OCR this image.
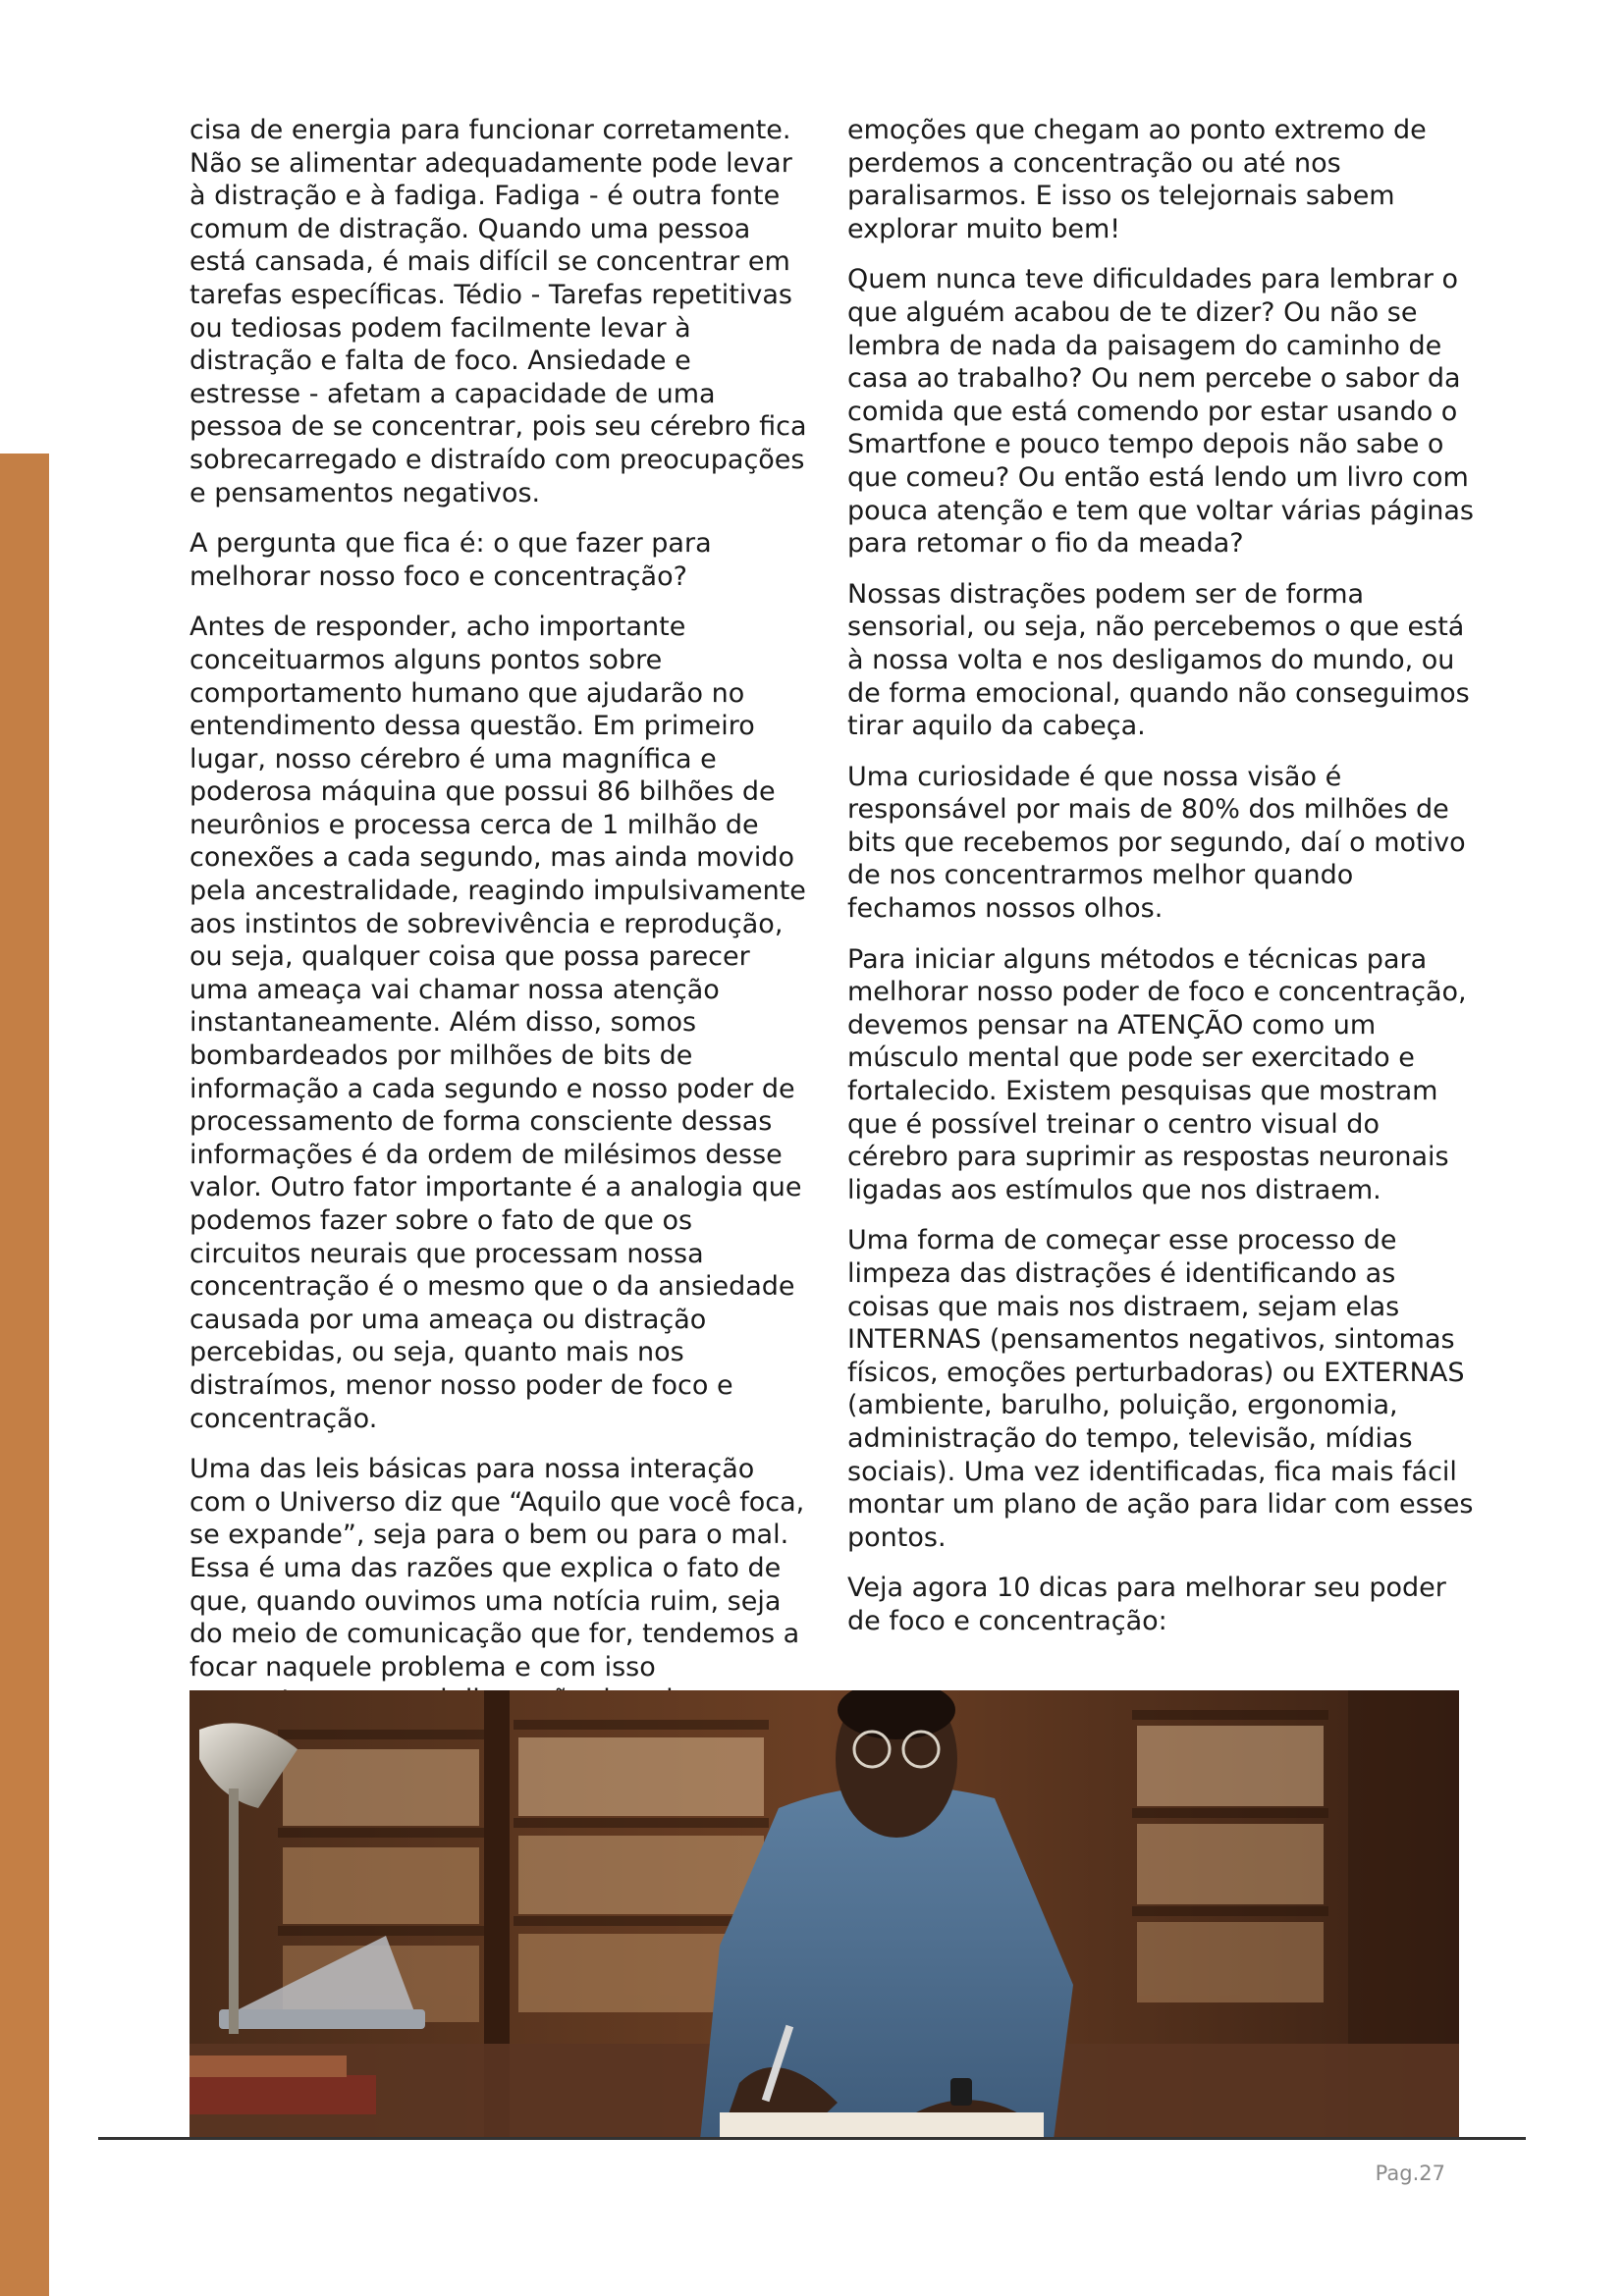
cisa de energia para funcionar corretamente. Não se alimentar adequadamente pode levar à distração e à fadiga. Fadiga - é outra fonte comum de distração. Quando uma pessoa está cansada, é mais difícil se concentrar em tarefas específicas. Tédio - Tarefas repetitivas ou tediosas podem facilmente levar à distração e falta de foco. Ansiedade e estresse - afetam a capacidade de uma pessoa de se concentrar, pois seu cérebro fica sobrecarregado e distraído com preocupações e pensamentos negativos.

A pergunta que fica é: o que fazer para melhorar nosso foco e concentração?

Antes de responder, acho importante conceituarmos alguns pontos sobre comportamento humano que ajudarão no entendimento dessa questão. Em primeiro lugar, nosso cérebro é uma magnífica e poderosa máquina que possui 86 bilhões de neurônios e processa cerca de 1 milhão de conexões a cada segundo, mas ainda movido pela ancestralidade, reagindo impulsivamente aos instintos de sobrevivência e reprodução, ou seja, qualquer coisa que possa parecer uma ameaça vai chamar nossa atenção instantaneamente. Além disso, somos bombardeados por milhões de bits de informação a cada segundo e nosso poder de processamento de forma consciente dessas informações é da ordem de milésimos desse valor. Outro fator importante é a analogia que podemos fazer sobre o fato de que os circuitos neurais que processam nossa concentração é o mesmo que o da ansiedade causada por uma ameaça ou distração percebidas, ou seja, quanto mais nos distraímos, menor nosso poder de foco e concentração.

Uma das leis básicas para nossa interação com o Universo diz que “Aquilo que você foca, se expande”, seja para o bem ou para o mal. Essa é uma das razões que explica o fato de que, quando ouvimos uma notícia ruim, seja do meio de comunicação que for, tendemos a focar naquele problema e com isso

emoções que chegam ao ponto extremo de perdemos a concentração ou até nos paralisarmos. E isso os telejornais sabem explorar muito bem!

Quem nunca teve dificuldades para lembrar o que alguém acabou de te dizer? Ou não se lembra de nada da paisagem do caminho de casa ao trabalho? Ou nem percebe o sabor da comida que está comendo por estar usando o Smartfone e pouco tempo depois não sabe o que comeu? Ou então está lendo um livro com pouca atenção e tem que voltar várias páginas para retomar o fio da meada?

Nossas distrações podem ser de forma sensorial, ou seja, não percebemos o que está à nossa volta e nos desligamos do mundo, ou de forma emocional, quando não conseguimos tirar aquilo da cabeça.

Uma curiosidade é que nossa visão é responsável por mais de 80% dos milhões de bits que recebemos por segundo, daí o motivo de nos concentrarmos melhor quando fechamos nossos olhos.

Para iniciar alguns métodos e técnicas para melhorar nosso poder de foco e concentração, devemos pensar na ATENÇÃO como um músculo mental que pode ser exercitado e fortalecido. Existem pesquisas que mostram que é possível treinar o centro visual do cérebro para suprimir as respostas neuronais ligadas aos estímulos que nos distraem.

Uma forma de começar esse processo de limpeza das distrações é identificando as coisas que mais nos distraem, sejam elas INTERNAS (pensamentos negativos, sintomas físicos, emoções perturbadoras) ou EXTERNAS (ambiente, barulho, poluição, ergonomia, administração do tempo, televisão, mídias sociais). Uma vez identificadas, fica mais fácil montar um plano de ação para lidar com esses pontos.

Veja agora 10 dicas para melhorar seu poder de foco e concentração:

Pag.27
